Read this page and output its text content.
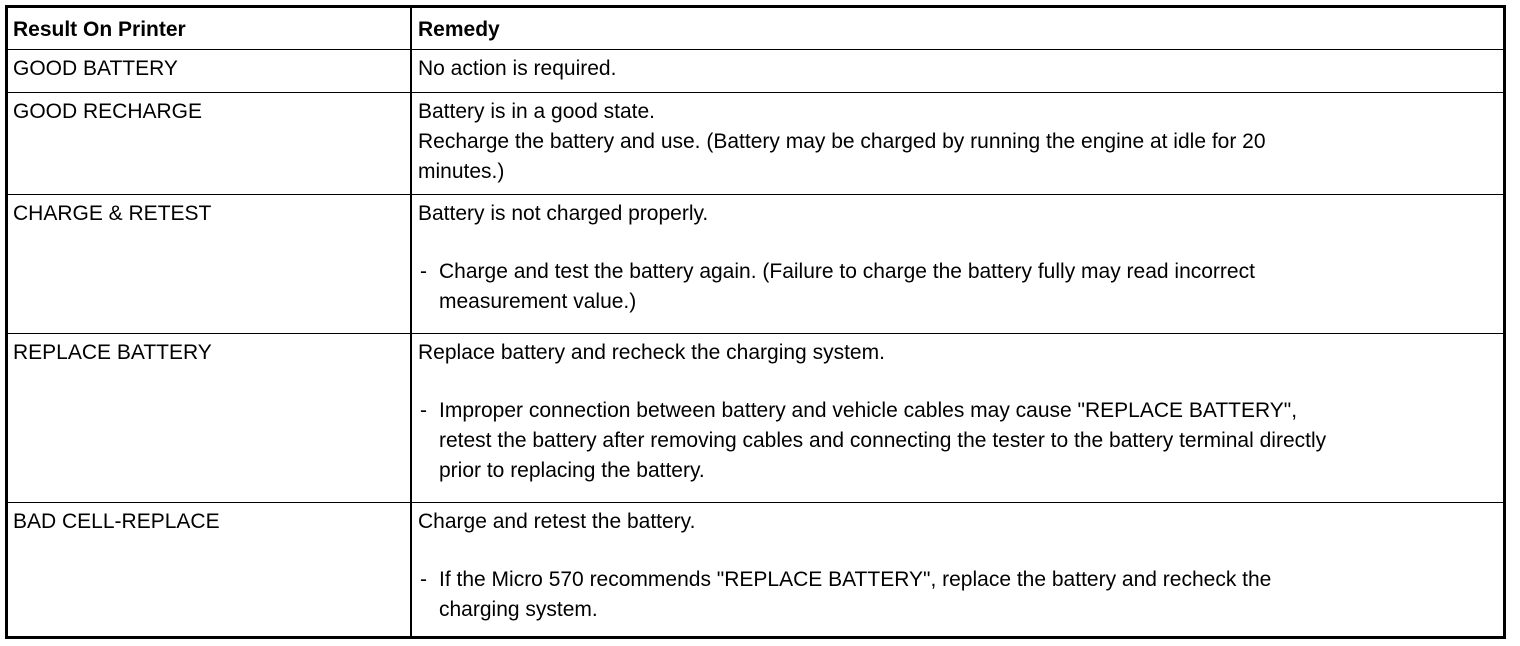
Result On Printer	Remedy
GOOD BATTERY	No action is required.
GOOD RECHARGE	Battery is in a good state.
Recharge the battery and use. (Battery may be charged by running the engine at idle for 20
minutes.)
CHARGE & RETEST	Battery is not charged properly.
- Charge and test the battery again. (Failure to charge the battery fully may read incorrect
measurement value.)
REPLACE BATTERY	Replace battery and recheck the charging system.
- Improper connection between battery and vehicle cables may cause "REPLACE BATTERY",
retest the battery after removing cables and connecting the tester to the battery terminal directly
prior to replacing the battery.
BAD CELL-REPLACE	Charge and retest the battery.
- If the Micro 570 recommends "REPLACE BATTERY", replace the battery and recheck the
charging system.
